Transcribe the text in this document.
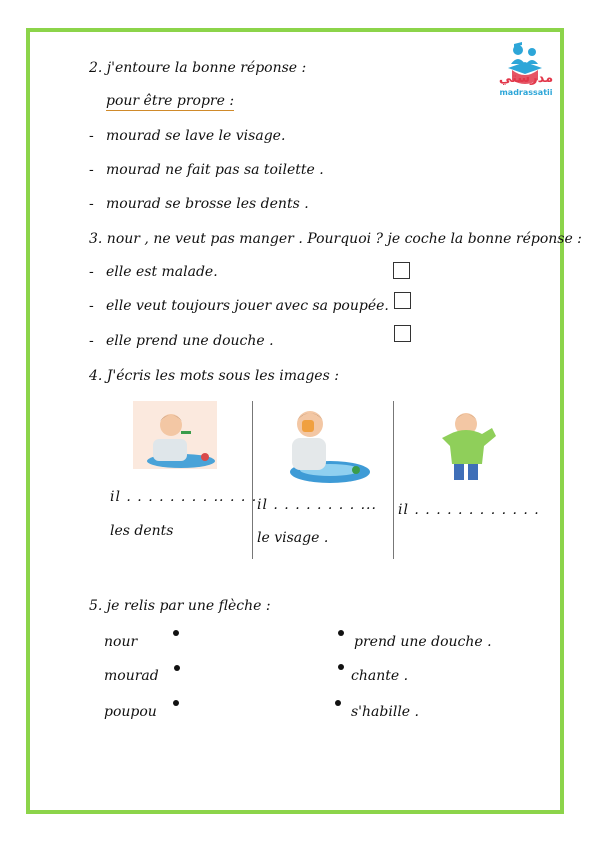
مدرستي
madrassatii
2. j'entoure la bonne réponse :
pour être propre :
- mourad se lave le visage.
- mourad ne fait pas sa toilette .
- mourad se brosse les dents .
3. nour , ne veut pas manger . Pourquoi ? je coche la bonne réponse :
- elle est malade.
- elle veut toujours jouer avec sa poupée.
- elle prend une douche .
4. J'écris les mots sous les images :
il . . . . . . . . .. . . .
les dents
il . . . . . . . . ...
le visage .
il . . . . . . . . . . . .
5. je relis par une flèche :
nour
mourad
poupou
prend une douche .
chante .
s'habille .
